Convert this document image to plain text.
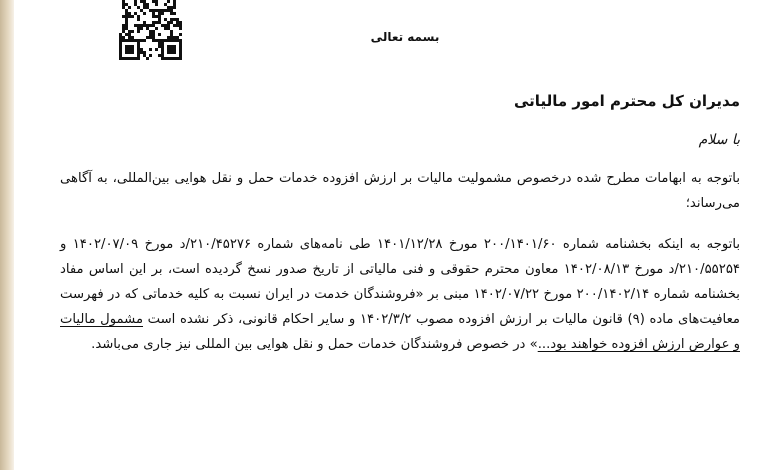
بسمه تعالی
مدیران کل محترم امور مالیاتی
با سلام
باتوجه به ابهامات مطرح شده درخصوص مشمولیت مالیات بر ارزش افزوده خدمات حمل و نقل هوایی بین‌المللی، به آگاهی می‌رساند؛
باتوجه به اینکه بخشنامه شماره ۲۰۰/۱۴۰۱/۶۰ مورخ ۱۴۰۱/۱۲/۲۸ طی نامه‌های شماره ۲۱۰/۴۵۲۷۶/د مورخ ۱۴۰۲/۰۷/۰۹ و ۲۱۰/۵۵۲۵۴/د مورخ ۱۴۰۲/۰۸/۱۳ معاون محترم حقوقی و فنی مالیاتی از تاریخ صدور نسخ گردیده است، بر این اساس مفاد بخشنامه شماره ۲۰۰/۱۴۰۲/۱۴ مورخ ۱۴۰۲/۰۷/۲۲ مبنی بر «فروشندگان خدمت در ایران نسبت به کلیه خدماتی که در فهرست معافیت‌های ماده (۹) قانون مالیات بر ارزش افزوده مصوب ۱۴۰۲/۳/۲ و سایر احکام قانونی، ذکر نشده است مشمول مالیات و عوارض ارزش افزوده خواهند بود...» در خصوص فروشندگان خدمات حمل و نقل هوایی بین المللی نیز جاری می‌باشد.
